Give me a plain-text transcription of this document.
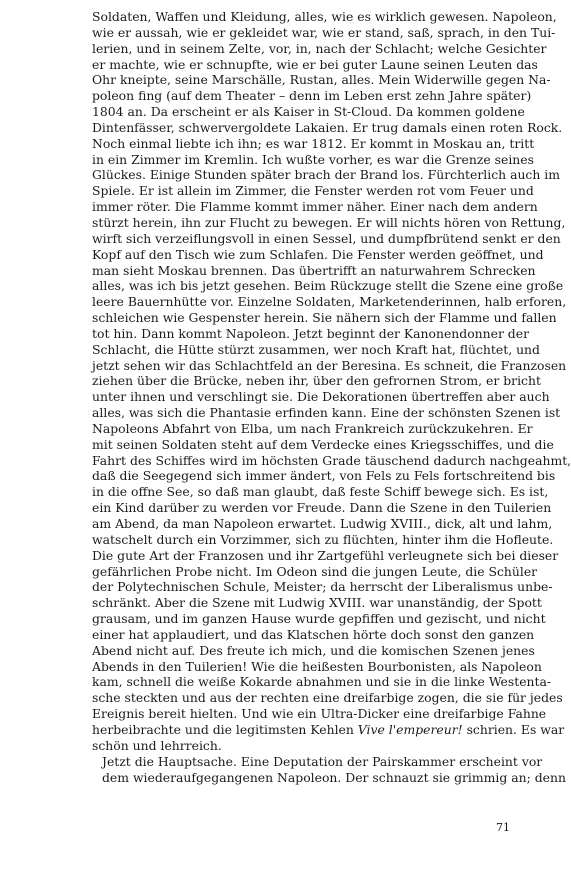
Soldaten, Waffen und Kleidung, alles, wie es wirklich gewesen. Napoleon,
wie er aussah, wie er gekleidet war, wie er stand, saß, sprach, in den Tui-
lerien, und in seinem Zelte, vor, in, nach der Schlacht; welche Gesichter
er machte, wie er schnupfte, wie er bei guter Laune seinen Leuten das
Ohr kneipte, seine Marschälle, Rustan, alles. Mein Widerwille gegen Na-
poleon fing (auf dem Theater – denn im Leben erst zehn Jahre später)
1804 an. Da erscheint er als Kaiser in St-Cloud. Da kommen goldene
Dintenfässer, schwervergoldete Lakaien. Er trug damals einen roten Rock.
Noch einmal liebte ich ihn; es war 1812. Er kommt in Moskau an, tritt
in ein Zimmer im Kremlin. Ich wußte vorher, es war die Grenze seines
Glückes. Einige Stunden später brach der Brand los. Fürchterlich auch im
Spiele. Er ist allein im Zimmer, die Fenster werden rot vom Feuer und
immer röter. Die Flamme kommt immer näher. Einer nach dem andern
stürzt herein, ihn zur Flucht zu bewegen. Er will nichts hören von Rettung,
wirft sich verzeiflungsvoll in einen Sessel, und dumpfbrütend senkt er den
Kopf auf den Tisch wie zum Schlafen. Die Fenster werden geöffnet, und
man sieht Moskau brennen. Das übertrifft an naturwahrem Schrecken
alles, was ich bis jetzt gesehen. Beim Rückzuge stellt die Szene eine große
leere Bauernhütte vor. Einzelne Soldaten, Marketenderinnen, halb erforen,
schleichen wie Gespenster herein. Sie nähern sich der Flamme und fallen
tot hin. Dann kommt Napoleon. Jetzt beginnt der Kanonendonner der
Schlacht, die Hütte stürzt zusammen, wer noch Kraft hat, flüchtet, und
jetzt sehen wir das Schlachtfeld an der Beresina. Es schneit, die Franzosen
ziehen über die Brücke, neben ihr, über den gefrornen Strom, er bricht
unter ihnen und verschlingt sie. Die Dekorationen übertreffen aber auch
alles, was sich die Phantasie erfinden kann. Eine der schönsten Szenen ist
Napoleons Abfahrt von Elba, um nach Frankreich zurückzukehren. Er
mit seinen Soldaten steht auf dem Verdecke eines Kriegsschiffes, und die
Fahrt des Schiffes wird im höchsten Grade täuschend dadurch nachgeahmt,
daß die Seegegend sich immer ändert, von Fels zu Fels fortschreitend bis
in die offne See, so daß man glaubt, daß feste Schiff bewege sich. Es ist,
ein Kind darüber zu werden vor Freude. Dann die Szene in den Tuilerien
am Abend, da man Napoleon erwartet. Ludwig XVIII., dick, alt und lahm,
watschelt durch ein Vorzimmer, sich zu flüchten, hinter ihm die Hofleute.
Die gute Art der Franzosen und ihr Zartgefühl verleugnete sich bei dieser
gefährlichen Probe nicht. Im Odeon sind die jungen Leute, die Schüler
der Polytechnischen Schule, Meister; da herrscht der Liberalismus unbe-
schränkt. Aber die Szene mit Ludwig XVIII. war unanständig, der Spott
grausam, und im ganzen Hause wurde gepfiffen und gezischt, und nicht
einer hat applaudiert, und das Klatschen hörte doch sonst den ganzen
Abend nicht auf. Des freute ich mich, und die komischen Szenen jenes
Abends in den Tuilerien! Wie die heißesten Bourbonisten, als Napoleon
kam, schnell die weiße Kokarde abnahmen und sie in die linke Westenta-
sche steckten und aus der rechten eine dreifarbige zogen, die sie für jedes
Ereignis bereit hielten. Und wie ein Ultra-Dicker eine dreifarbige Fahne
herbeibrachte und die legitimsten Kehlen Vive l'empereur! schrien. Es war
schön und lehrreich.
Jetzt die Hauptsache. Eine Deputation der Pairskammer erscheint vor
dem wiederaufgegangenen Napoleon. Der schnauzt sie grimmig an; denn
71
